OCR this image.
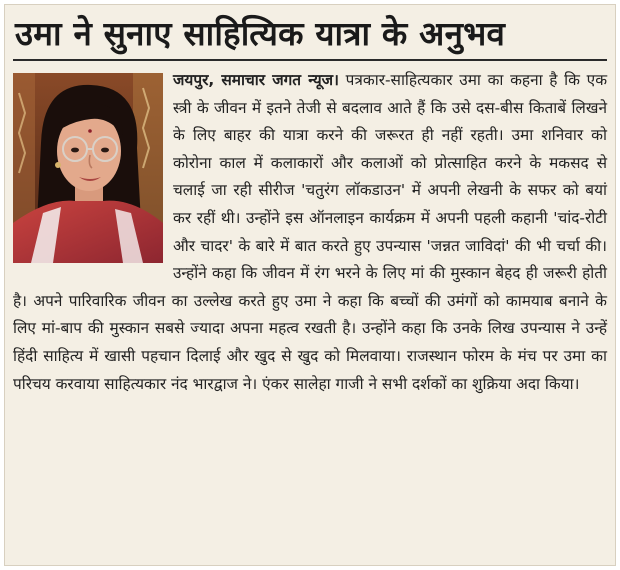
उमा ने सुनाए साहित्यिक यात्रा के अनुभव
जयपुर, समाचार जगत न्यूज। पत्रकार-साहित्यकार उमा का कहना है कि एक स्त्री के जीवन में इतने तेजी से बदलाव आते हैं कि उसे दस-बीस किताबें लिखने के लिए बाहर की यात्रा करने की जरूरत ही नहीं रहती। उमा शनिवार को कोरोना काल में कलाकारों और कलाओं को प्रोत्साहित करने के मकसद से चलाई जा रही सीरीज 'चतुरंग लॉकडाउन' में अपनी लेखनी के सफर को बयां कर रहीं थी। उन्होंने इस ऑनलाइन कार्यक्रम में अपनी पहली कहानी 'चांद-रोटी और चादर' के बारे में बात करते हुए उपन्यास 'जन्नत जाविदां' की भी चर्चा की। उन्होंने कहा कि जीवन में रंग भरने के लिए मां की मुस्कान बेहद ही जरूरी होती है। अपने पारिवारिक जीवन का उल्लेख करते हुए उमा ने कहा कि बच्चों की उमंगों को कामयाब बनाने के लिए मां-बाप की मुस्कान सबसे ज्यादा अपना महत्व रखती है। उन्होंने कहा कि उनके लिख उपन्यास ने उन्हें हिंदी साहित्य में खासी पहचान दिलाई और खुद से खुद को मिलवाया। राजस्थान फोरम के मंच पर उमा का परिचय करवाया साहित्यकार नंद भारद्वाज ने। एंकर सालेहा गाजी ने सभी दर्शकों का शुक्रिया अदा किया।
